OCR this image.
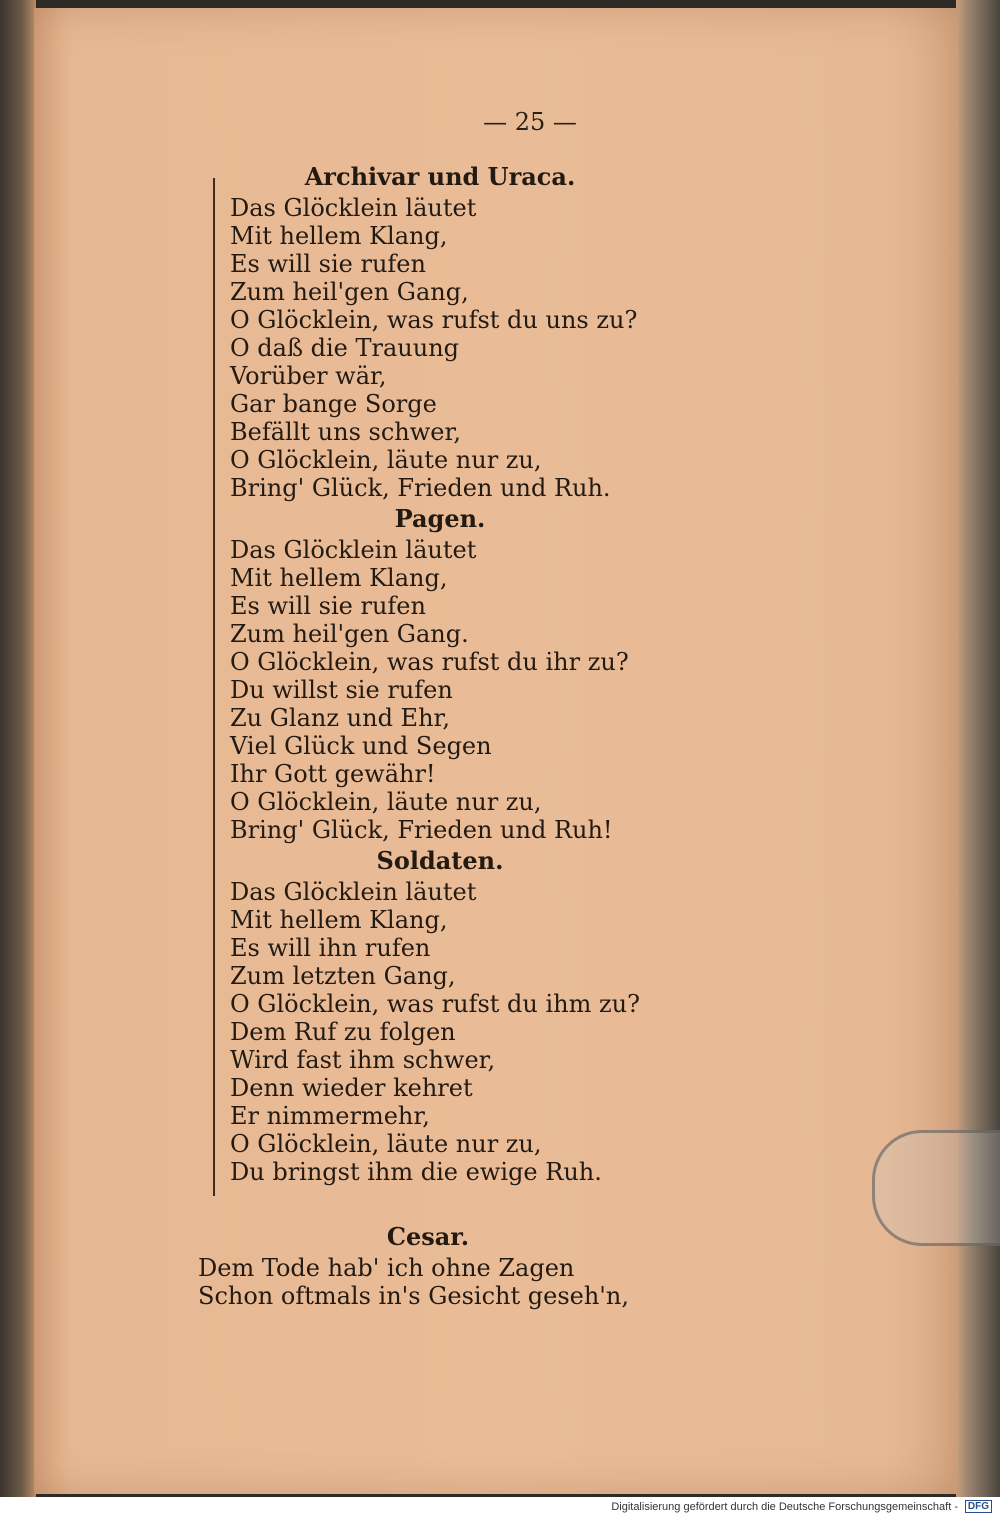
— 25 —
Archivar und Uraca.
Das Glöcklein läutet
Mit hellem Klang,
Es will sie rufen
Zum heil'gen Gang,
O Glöcklein, was rufst du uns zu?
O daß die Trauung
Vorüber wär,
Gar bange Sorge
Befällt uns schwer,
O Glöcklein, läute nur zu,
Bring' Glück, Frieden und Ruh.
Pagen.
Das Glöcklein läutet
Mit hellem Klang,
Es will sie rufen
Zum heil'gen Gang.
O Glöcklein, was rufst du ihr zu?
Du willst sie rufen
Zu Glanz und Ehr,
Viel Glück und Segen
Ihr Gott gewähr!
O Glöcklein, läute nur zu,
Bring' Glück, Frieden und Ruh!
Soldaten.
Das Glöcklein läutet
Mit hellem Klang,
Es will ihn rufen
Zum letzten Gang,
O Glöcklein, was rufst du ihm zu?
Dem Ruf zu folgen
Wird fast ihm schwer,
Denn wieder kehret
Er nimmermehr,
O Glöcklein, läute nur zu,
Du bringst ihm die ewige Ruh.
Cesar.
Dem Tode hab' ich ohne Zagen
Schon oftmals in's Gesicht geseh'n,
Digitalisierung gefördert durch die Deutsche Forschungsgemeinschaft - DFG
